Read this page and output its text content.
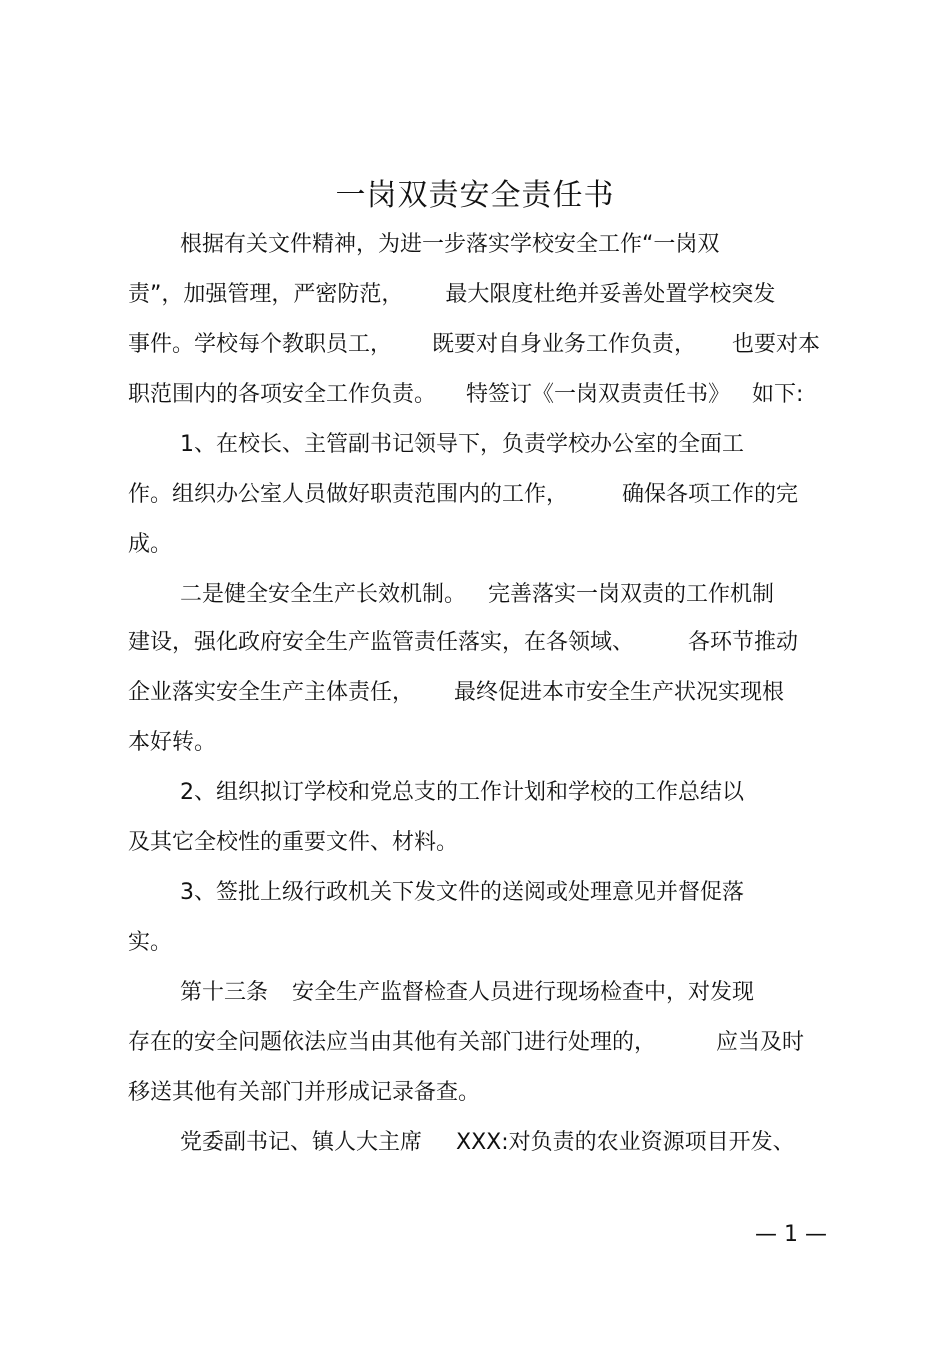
一岗双责安全责任书
根据有关文件精神，为进一步落实学校安全工作“一岗双
责”，加强管理，严密防范， 最大限度杜绝并妥善处置学校突发
事件。学校每个教职员工， 既要对自身业务工作负责， 也要对本
职范围内的各项安全工作负责。 特签订《一岗双责责任书》 如下:
1、在校长、主管副书记领导下，负责学校办公室的全面工
作。组织办公室人员做好职责范围内的工作， 确保各项工作的完
成。
二是健全安全生产长效机制。 完善落实一岗双责的工作机制
建设，强化政府安全生产监管责任落实，在各领域、 各环节推动
企业落实安全生产主体责任， 最终促进本市安全生产状况实现根
本好转。
2、组织拟订学校和党总支的工作计划和学校的工作总结以
及其它全校性的重要文件、材料。
3、签批上级行政机关下发文件的送阅或处理意见并督促落
实。
第十三条 安全生产监督检查人员进行现场检查中，对发现
存在的安全问题依法应当由其他有关部门进行处理的，	应当及时
移送其他有关部门并形成记录备查。
党委副书记、镇人大主席 XXX:对负责的农业资源项目开发、
— 1 —
